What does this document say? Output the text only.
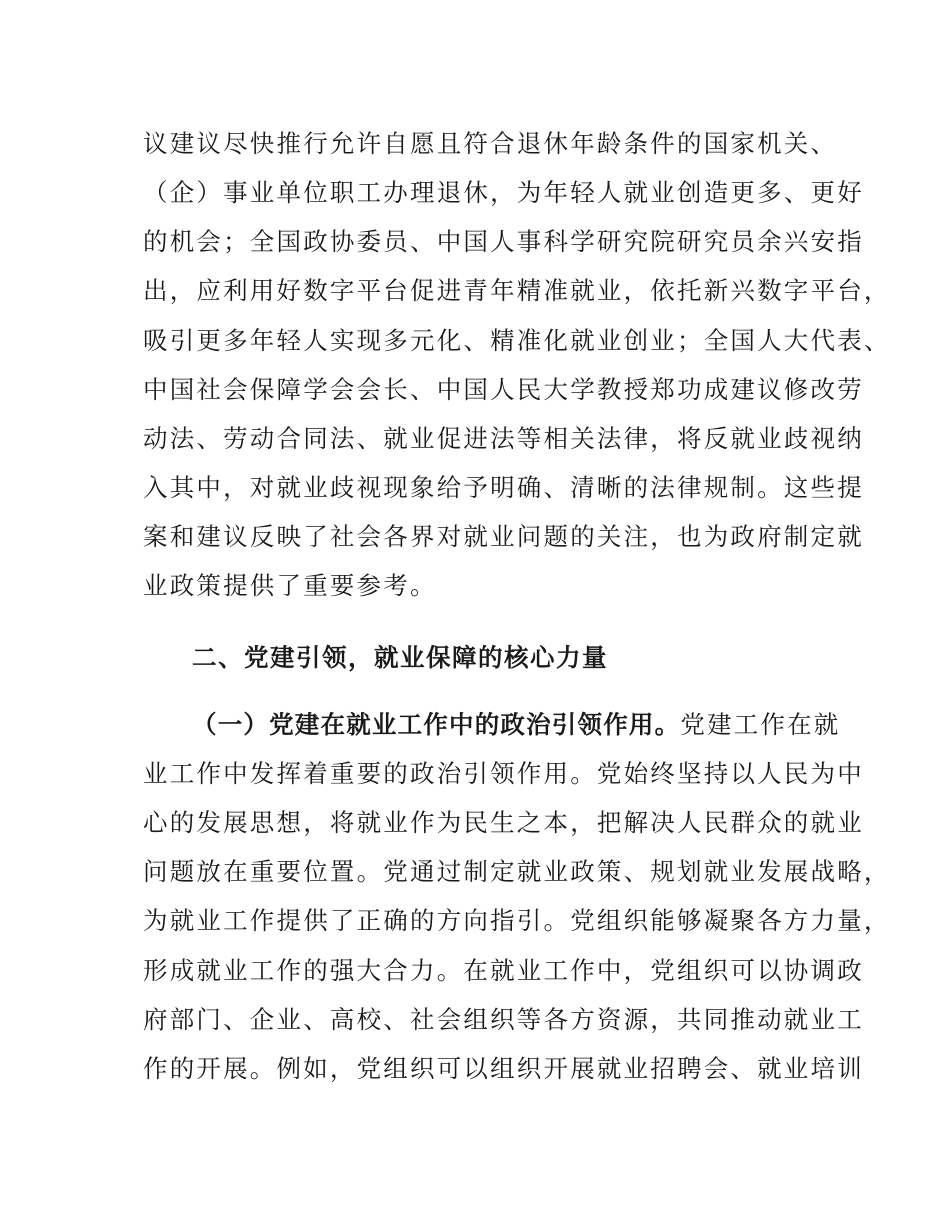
议建议尽快推行允许自愿且符合退休年龄条件的国家机关、
（企）事业单位职工办理退休，为年轻人就业创造更多、更好
的机会；全国政协委员、中国人事科学研究院研究员余兴安指
出，应利用好数字平台促进青年精准就业，依托新兴数字平台，
吸引更多年轻人实现多元化、精准化就业创业；全国人大代表、
中国社会保障学会会长、中国人民大学教授郑功成建议修改劳
动法、劳动合同法、就业促进法等相关法律，将反就业歧视纳
入其中，对就业歧视现象给予明确、清晰的法律规制。这些提
案和建议反映了社会各界对就业问题的关注，也为政府制定就
业政策提供了重要参考。
二、党建引领，就业保障的核心力量
（一）党建在就业工作中的政治引领作用。党建工作在就
业工作中发挥着重要的政治引领作用。党始终坚持以人民为中
心的发展思想，将就业作为民生之本，把解决人民群众的就业
问题放在重要位置。党通过制定就业政策、规划就业发展战略，
为就业工作提供了正确的方向指引。党组织能够凝聚各方力量，
形成就业工作的强大合力。在就业工作中，党组织可以协调政
府部门、企业、高校、社会组织等各方资源，共同推动就业工
作的开展。例如，党组织可以组织开展就业招聘会、就业培训
